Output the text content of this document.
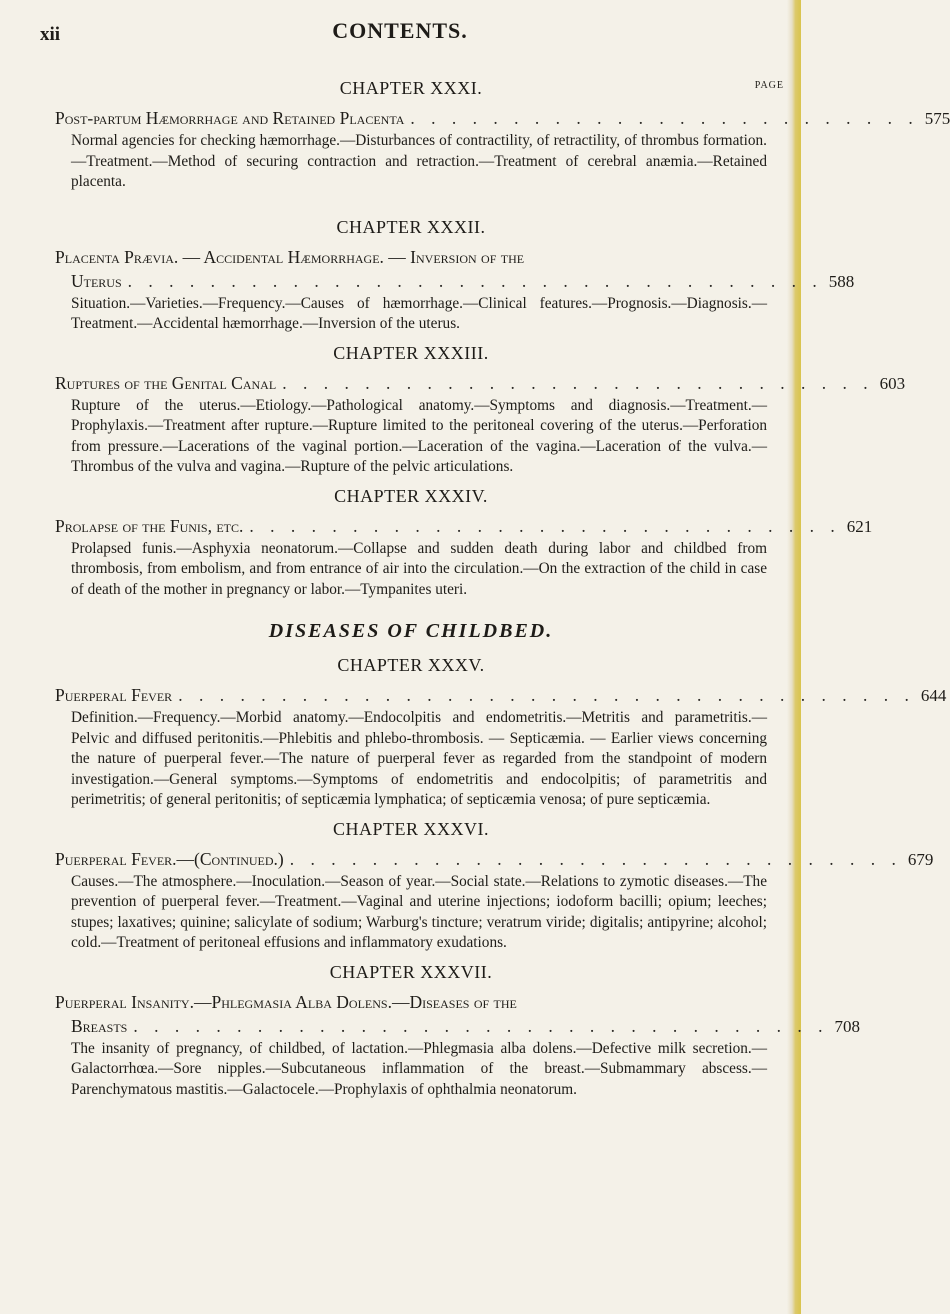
xii	CONTENTS.
PAGE
CHAPTER XXXI.
Post-partum Hæmorrhage and Retained Placenta . . . . . . . . . . . . . . . . . . . . . . . . . 575
Normal agencies for checking hæmorrhage.—Disturbances of contractility, of retractility, of thrombus formation.—Treatment.—Method of securing contraction and retraction.—Treatment of cerebral anæmia.—Retained placenta.
CHAPTER XXXII.
Placenta Prævia. — Accidental Hæmorrhage. — Inversion of the
Uterus . . . . . . . . . . . . . . . . . . . . . . . . . . . . . . . . . . 588
Situation.—Varieties.—Frequency.—Causes of hæmorrhage.—Clinical features.—Prognosis.—Diagnosis.—Treatment.—Accidental hæmorrhage.—Inversion of the uterus.
CHAPTER XXXIII.
Ruptures of the Genital Canal . . . . . . . . . . . . . . . . . . . . . . . . . . . . . 603
Rupture of the uterus.—Etiology.—Pathological anatomy.—Symptoms and diagnosis.—Treatment.—Prophylaxis.—Treatment after rupture.—Rupture limited to the peritoneal covering of the uterus.—Perforation from pressure.—Lacerations of the vaginal portion.—Laceration of the vagina.—Laceration of the vulva.—Thrombus of the vulva and vagina.—Rupture of the pelvic articulations.
CHAPTER XXXIV.
Prolapse of the Funis, etc. . . . . . . . . . . . . . . . . . . . . . . . . . . . . . 621
Prolapsed funis.—Asphyxia neonatorum.—Collapse and sudden death during labor and childbed from thrombosis, from embolism, and from entrance of air into the circulation.—On the extraction of the child in case of death of the mother in pregnancy or labor.—Tympanites uteri.
DISEASES OF CHILDBED.
CHAPTER XXXV.
Puerperal Fever . . . . . . . . . . . . . . . . . . . . . . . . . . . . . . . . . . . . 644
Definition.—Frequency.—Morbid anatomy.—Endocolpitis and endometritis.—Metritis and parametritis.—Pelvic and diffused peritonitis.—Phlebitis and phlebo-thrombosis. — Septicæmia. — Earlier views concerning the nature of puerperal fever.—The nature of puerperal fever as regarded from the standpoint of modern investigation.—General symptoms.—Symptoms of endometritis and endocolpitis; of parametritis and perimetritis; of general peritonitis; of septicæmia lymphatica; of septicæmia venosa; of pure septicæmia.
CHAPTER XXXVI.
Puerperal Fever.—(Continued.) . . . . . . . . . . . . . . . . . . . . . . . . . . . . . . 679
Causes.—The atmosphere.—Inoculation.—Season of year.—Social state.—Relations to zymotic diseases.—The prevention of puerperal fever.—Treatment.—Vaginal and uterine injections; iodoform bacilli; opium; leeches; stupes; laxatives; quinine; salicylate of sodium; Warburg's tincture; veratrum viride; digitalis; antipyrine; alcohol; cold.—Treatment of peritoneal effusions and inflammatory exudations.
CHAPTER XXXVII.
Puerperal Insanity.—Phlegmasia Alba Dolens.—Diseases of the
Breasts . . . . . . . . . . . . . . . . . . . . . . . . . . . . . . . . . . 708
The insanity of pregnancy, of childbed, of lactation.—Phlegmasia alba dolens.—Defective milk secretion.—Galactorrhœa.—Sore nipples.—Subcutaneous inflammation of the breast.—Submammary abscess.—Parenchymatous mastitis.—Galactocele.—Prophylaxis of ophthalmia neonatorum.
